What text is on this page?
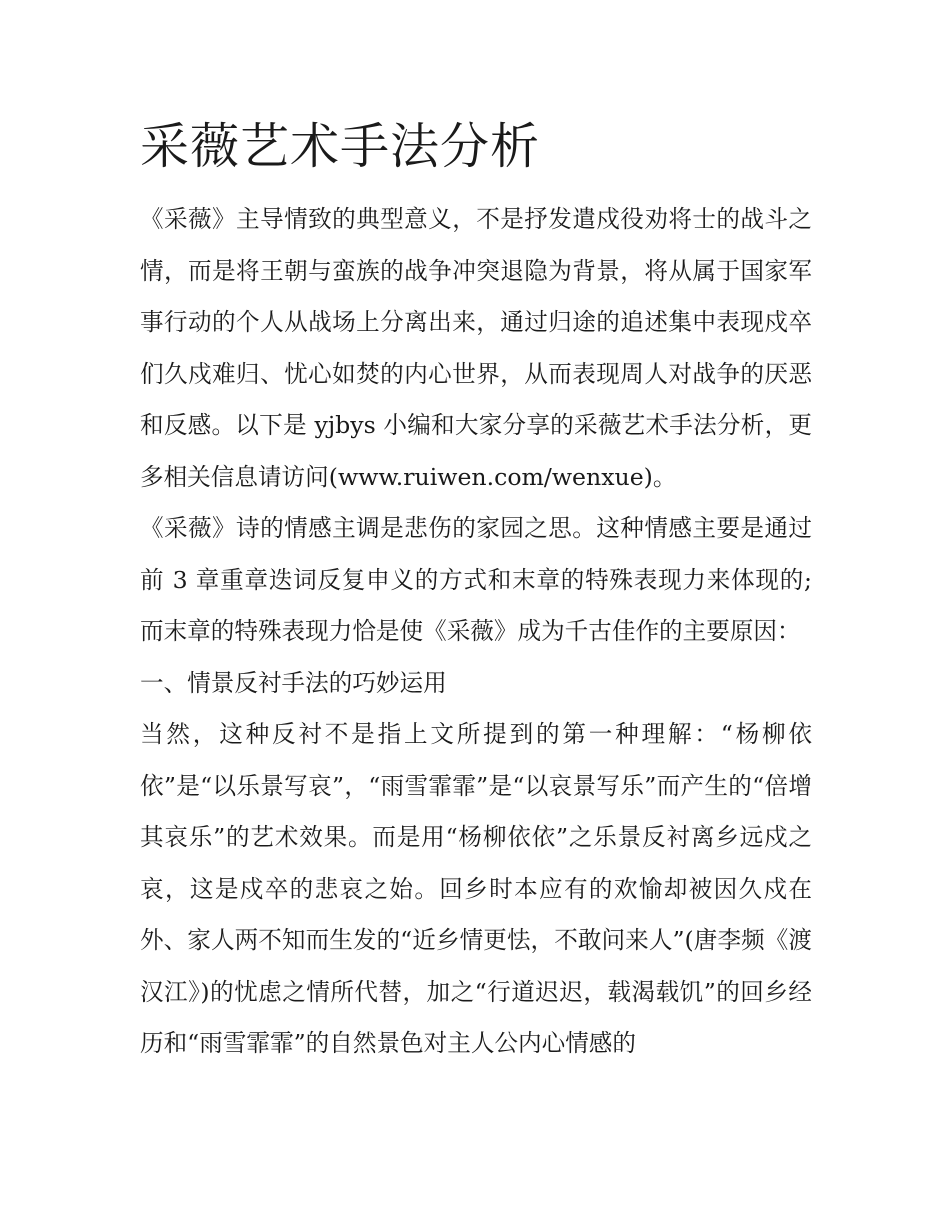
采薇艺术手法分析

《采薇》主导情致的典型意义，不是抒发遣戍役劝将士的战斗之情，而是将王朝与蛮族的战争冲突退隐为背景，将从属于国家军事行动的个人从战场上分离出来，通过归途的追述集中表现戍卒们久戍难归、忧心如焚的内心世界，从而表现周人对战争的厌恶和反感。以下是 yjbys 小编和大家分享的采薇艺术手法分析，更多相关信息请访问(www.ruiwen.com/wenxue)。

《采薇》诗的情感主调是悲伤的家园之思。这种情感主要是通过前 3 章重章迭词反复申义的方式和末章的特殊表现力来体现的;而末章的特殊表现力恰是使《采薇》成为千古佳作的主要原因：

一、情景反衬手法的巧妙运用

当然，这种反衬不是指上文所提到的第一种理解：“杨柳依依”是“以乐景写哀”，“雨雪霏霏”是“以哀景写乐”而产生的“倍增其哀乐”的艺术效果。而是用“杨柳依依”之乐景反衬离乡远戍之哀，这是戍卒的悲哀之始。回乡时本应有的欢愉却被因久戍在外、家人两不知而生发的“近乡情更怯，不敢问来人”(唐李频《渡汉江》)的忧虑之情所代替，加之“行道迟迟，载渴载饥”的回乡经历和“雨雪霏霏”的自然景色对主人公内心情感的
